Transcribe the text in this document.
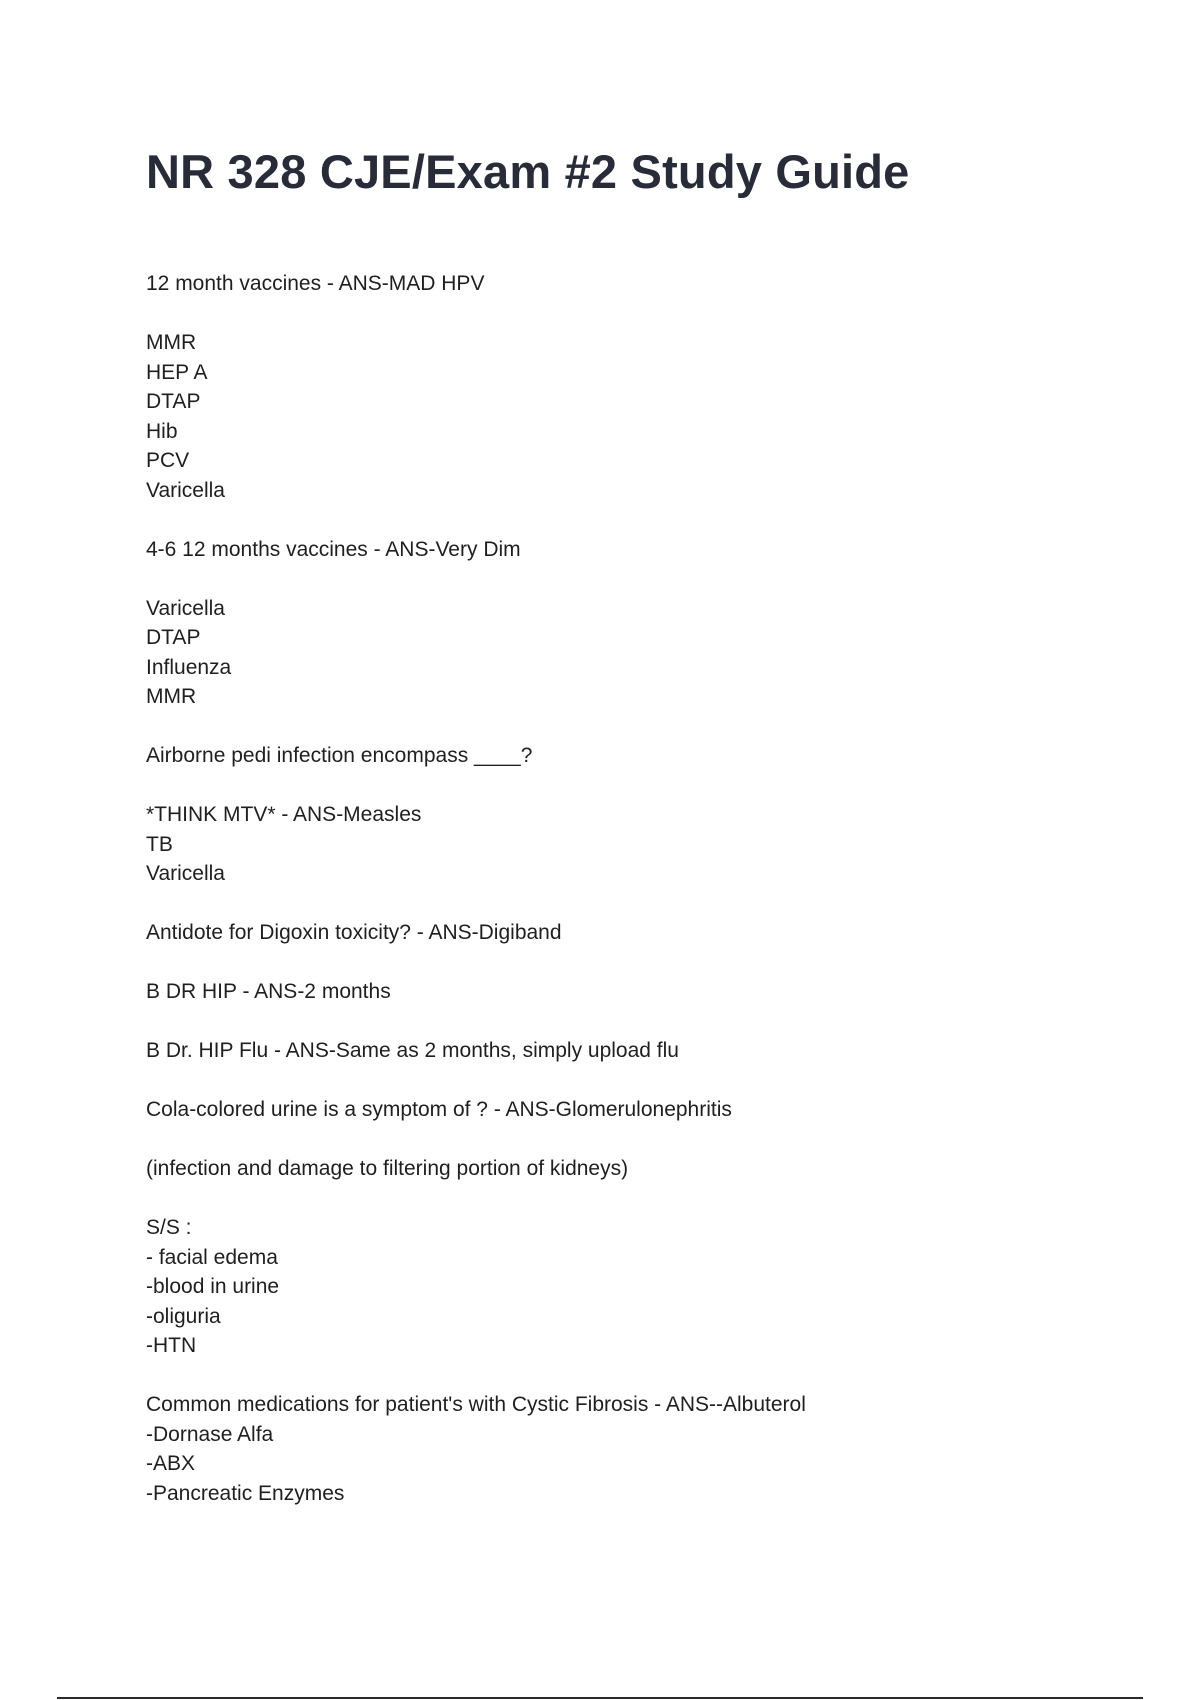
NR 328 CJE/Exam #2 Study Guide
12 month vaccines - ANS-MAD HPV
MMR
HEP A
DTAP
Hib
PCV
Varicella
4-6 12 months vaccines - ANS-Very Dim
Varicella
DTAP
Influenza
MMR
Airborne pedi infection encompass ____?
*THINK MTV* - ANS-Measles
TB
Varicella
Antidote for Digoxin toxicity? - ANS-Digiband
B DR HIP - ANS-2 months
B Dr. HIP Flu - ANS-Same as 2 months, simply upload flu
Cola-colored urine is a symptom of ? - ANS-Glomerulonephritis
(infection and damage to filtering portion of kidneys)
S/S :
- facial edema
-blood in urine
-oliguria
-HTN
Common medications for patient's with Cystic Fibrosis - ANS--Albuterol
-Dornase Alfa
-ABX
-Pancreatic Enzymes
